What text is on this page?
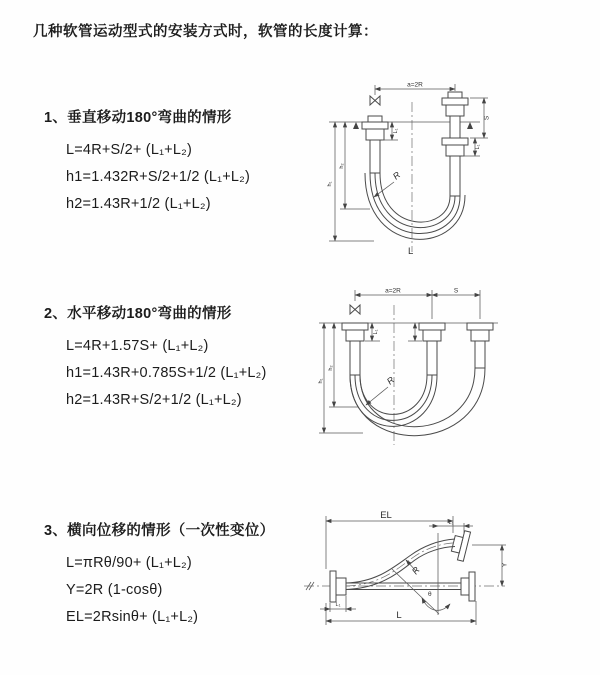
几种软管运动型式的安装方式时，软管的长度计算：
1、垂直移动180°弯曲的情形
L=4R+S/2+ (L₁+L₂)
h1=1.432R+S/2+1/2 (L₁+L₂)
h2=1.43R+1/2 (L₁+L₂)
2、水平移动180°弯曲的情形
L=4R+1.57S+ (L₁+L₂)
h1=1.43R+0.785S+1/2 (L₁+L₂)
h2=1.43R+S/2+1/2 (L₁+L₂)
3、横向位移的情形（一次性变位）
L=πRθ/90+ (L₁+L₂)
Y=2R (1-cosθ)
EL=2Rsinθ+ (L₁+L₂)
a=2R
h₁
h₂
L₁
S
L₁
R
L
a=2R	S
h₁
h₂
L₁
R
θ
EL
L₁
Y
L
L₁
R
